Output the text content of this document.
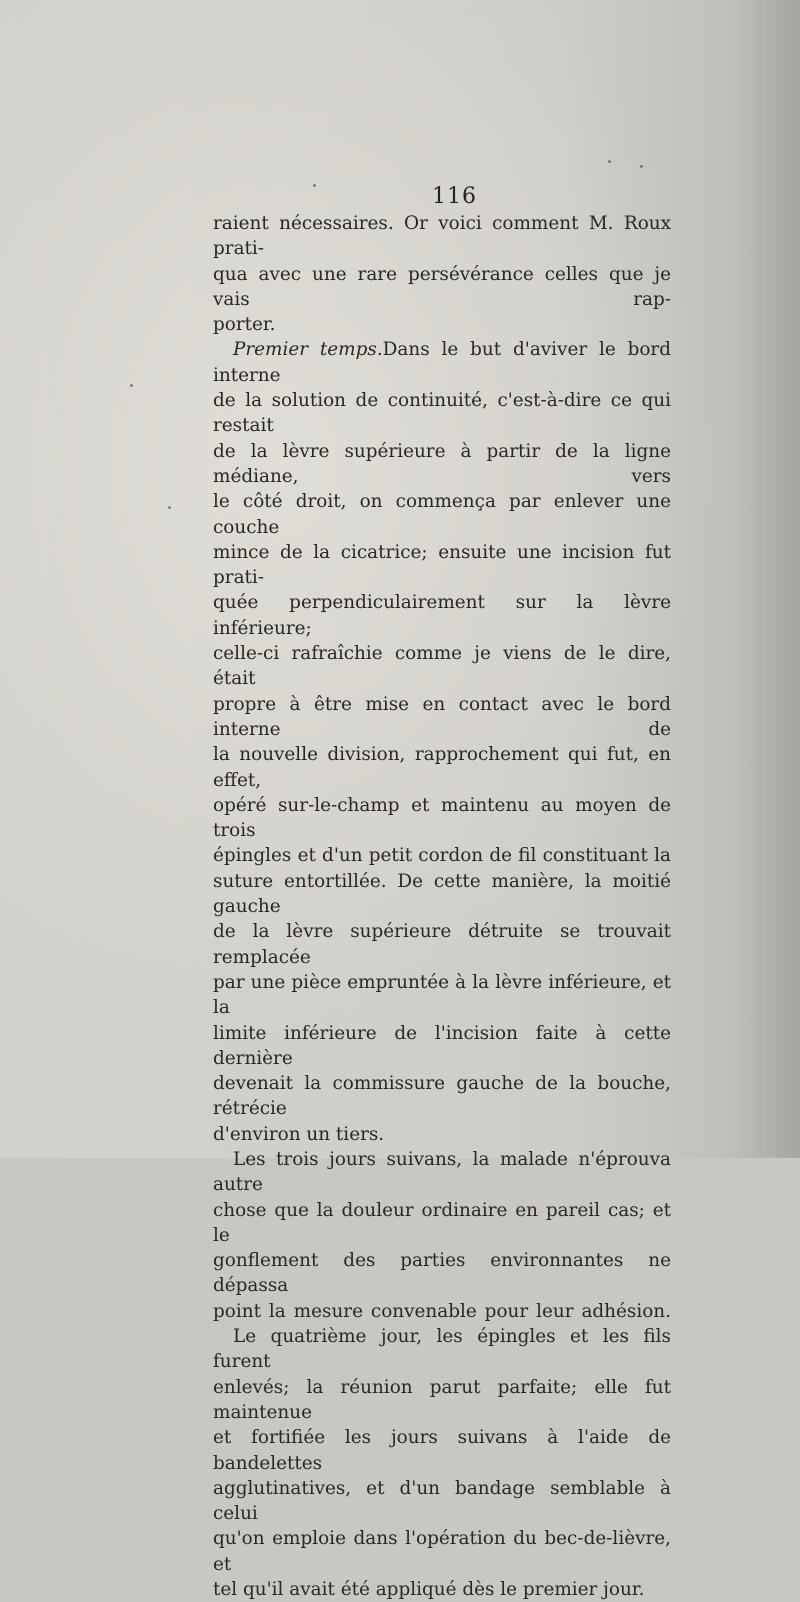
116

raient nécessaires. Or voici comment M. Roux prati-
qua avec une rare persévérance celles que je vais rap-

porter.

Premier temps.Dans le but d'aviver le bord interne
de la solution de continuité, c'est-à-dire ce qui restait
de la lèvre supérieure à partir de la ligne médiane, vers
le côté droit, on commença par enlever une couche
mince de la cicatrice; ensuite une incision fut prati-
quée perpendiculairement sur la lèvre inférieure;
celle-ci rafraîchie comme je viens de le dire, était
propre à être mise en contact avec le bord interne de
la nouvelle division, rapprochement qui fut, en effet,
opéré sur-le-champ et maintenu au moyen de trois
épingles et d'un petit cordon de fil constituant la
suture entortillée. De cette manière, la moitié gauche
de la lèvre supérieure détruite se trouvait remplacée
par une pièce empruntée à la lèvre inférieure, et la
limite inférieure de l'incision faite à cette dernière
devenait la commissure gauche de la bouche, rétrécie

d'environ un tiers.

Les trois jours suivans, la malade n'éprouva autre
chose que la douleur ordinaire en pareil cas; et le
gonflement des parties environnantes ne dépassa
point la mesure convenable pour leur adhésion.

Le quatrième jour, les épingles et les fils furent
enlevés; la réunion parut parfaite; elle fut maintenue
et fortifiée les jours suivans à l'aide de bandelettes
agglutinatives, et d'un bandage semblable à celui
qu'on emploie dans l'opération du bec-de-lièvre, et

tel qu'il avait été appliqué dès le premier jour.
